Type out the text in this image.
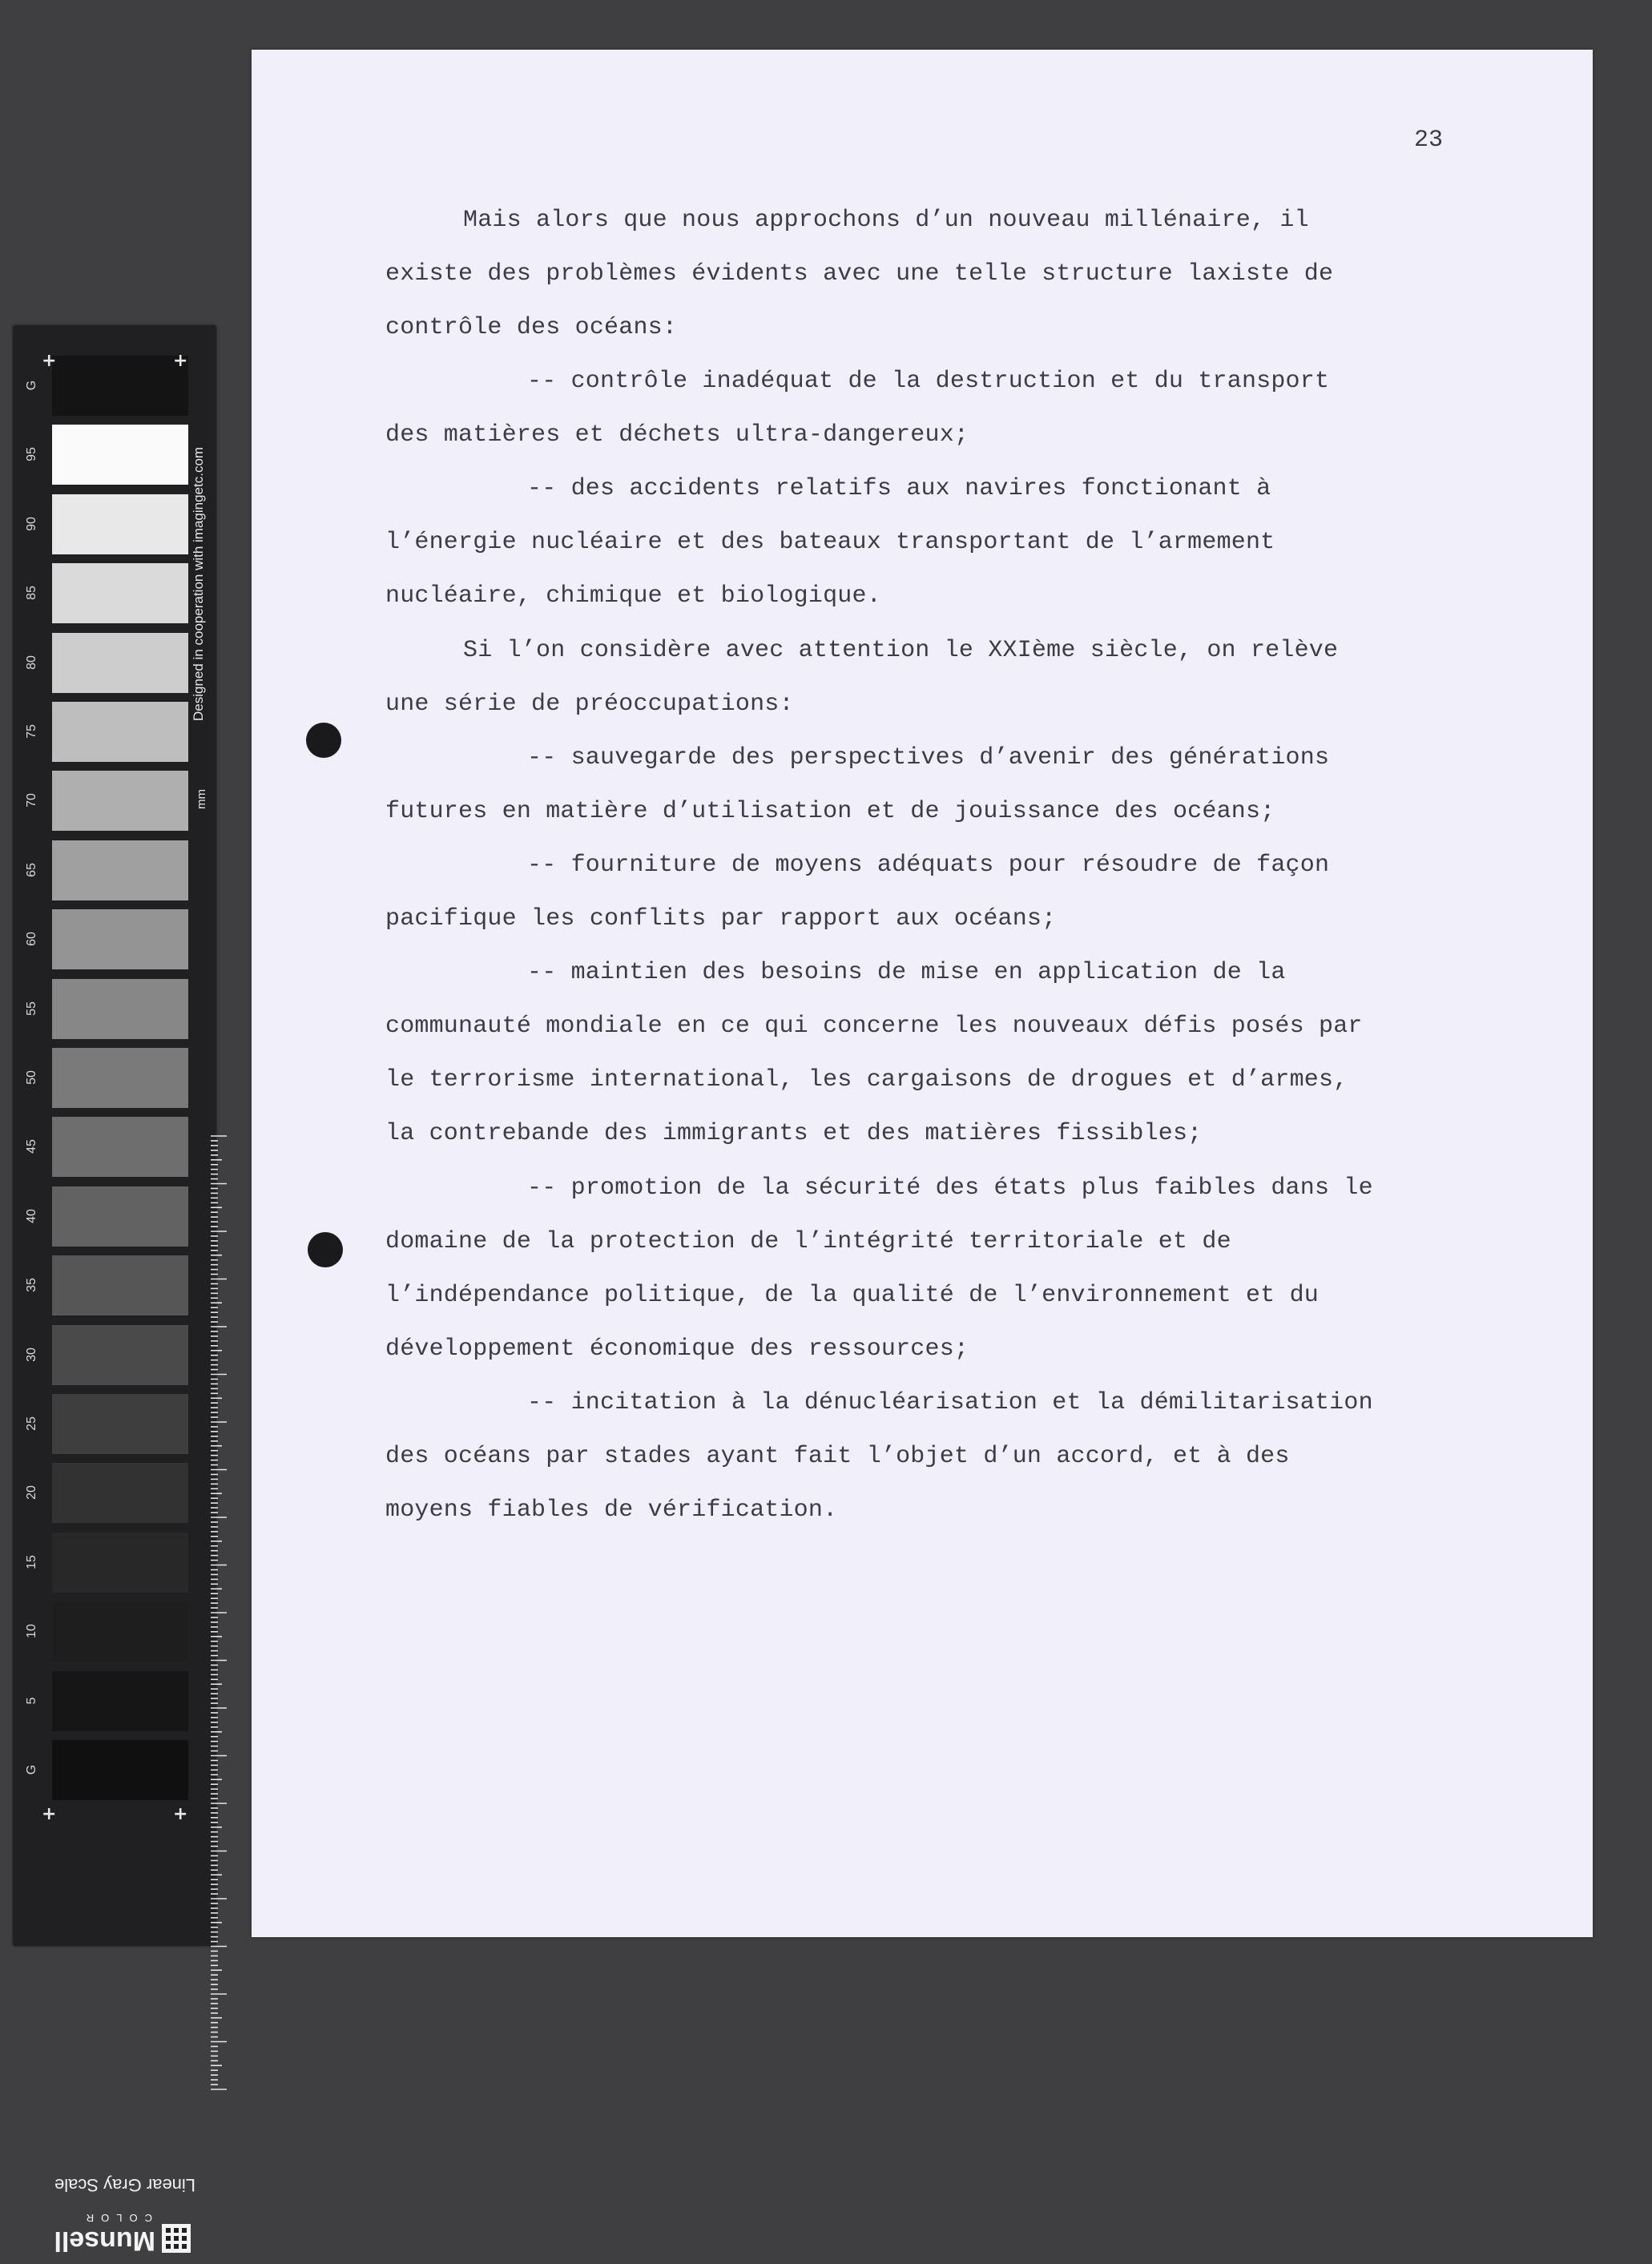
G
95
90
85
80
75
70
65
60
55
50
45
40
35
30
25
20
15
10
5
G
+	+
+	+
Linear Gray Scale
Munsell
COLOR
Designed in cooperation with imagingetc.com
mm
23

Mais alors que nous approchons d’un nouveau millénaire, il

existe des problèmes évidents avec une telle structure laxiste de

contrôle des océans:

-- contrôle inadéquat de la destruction et du transport

des matières et déchets ultra-dangereux;

-- des accidents relatifs aux navires fonctionant à

l’énergie nucléaire et des bateaux transportant de l’armement

nucléaire, chimique et biologique.

Si l’on considère avec attention le XXIème siècle, on relève

une série de préoccupations:

-- sauvegarde des perspectives d’avenir des générations

futures en matière d’utilisation et de jouissance des océans;

-- fourniture de moyens adéquats pour résoudre de façon

pacifique les conflits par rapport aux océans;

-- maintien des besoins de mise en application de la

communauté mondiale en ce qui concerne les nouveaux défis posés par

le terrorisme international, les cargaisons de drogues et d’armes,

la contrebande des immigrants et des matières fissibles;

-- promotion de la sécurité des états plus faibles dans le

domaine de la protection de l’intégrité territoriale et de

l’indépendance politique, de la qualité de l’environnement et du

développement économique des ressources;

-- incitation à la dénucléarisation et la démilitarisation

des océans par stades ayant fait l’objet d’un accord, et à des

moyens fiables de vérification.
